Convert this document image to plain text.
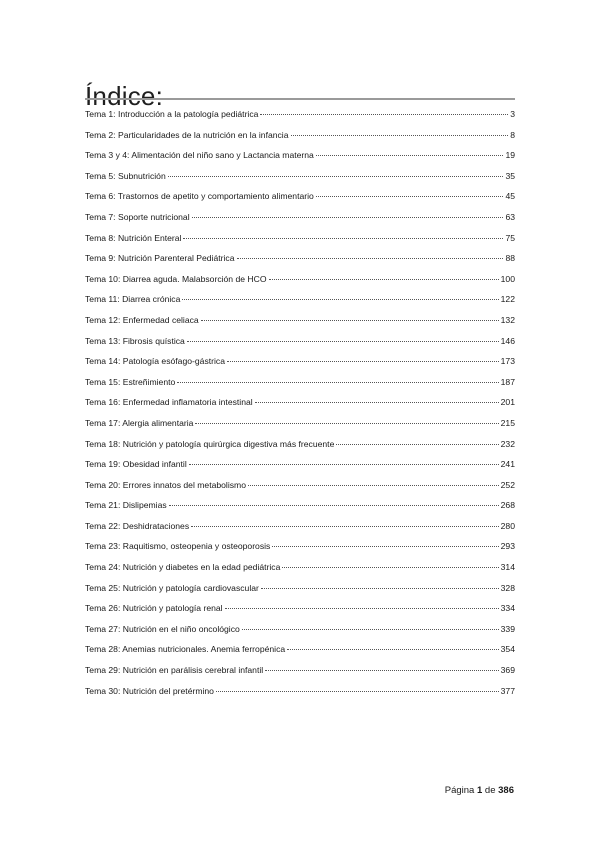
Índice:
Tema 1: Introducción a la patología pediátrica	3
Tema 2: Particularidades de la nutrición en la infancia	8
Tema 3 y 4: Alimentación del niño sano y Lactancia materna	19
Tema 5: Subnutrición	35
Tema 6: Trastornos de apetito y comportamiento alimentario	45
Tema 7: Soporte nutricional	63
Tema 8: Nutrición Enteral	75
Tema 9: Nutrición Parenteral Pediátrica	88
Tema 10: Diarrea aguda. Malabsorción de HCO	100
Tema 11: Diarrea crónica	122
Tema 12: Enfermedad celiaca	132
Tema 13: Fibrosis quística	146
Tema 14: Patología esófago-gástrica	173
Tema 15: Estreñimiento	187
Tema 16: Enfermedad inflamatoria intestinal	201
Tema 17: Alergia alimentaria	215
Tema 18: Nutrición y patología quirúrgica digestiva más frecuente	232
Tema 19: Obesidad infantil	241
Tema 20: Errores innatos del metabolismo	252
Tema 21: Dislipemias	268
Tema 22: Deshidrataciones	280
Tema 23: Raquitismo, osteopenia y osteoporosis	293
Tema 24: Nutrición y diabetes en la edad pediátrica	314
Tema 25: Nutrición y patología cardiovascular	328
Tema 26: Nutrición y patología renal	334
Tema 27: Nutrición en el niño oncológico	339
Tema 28: Anemias nutricionales. Anemia ferropénica	354
Tema 29: Nutrición en parálisis cerebral infantil	369
Tema 30: Nutrición del pretérmino	377
Página 1 de 386
